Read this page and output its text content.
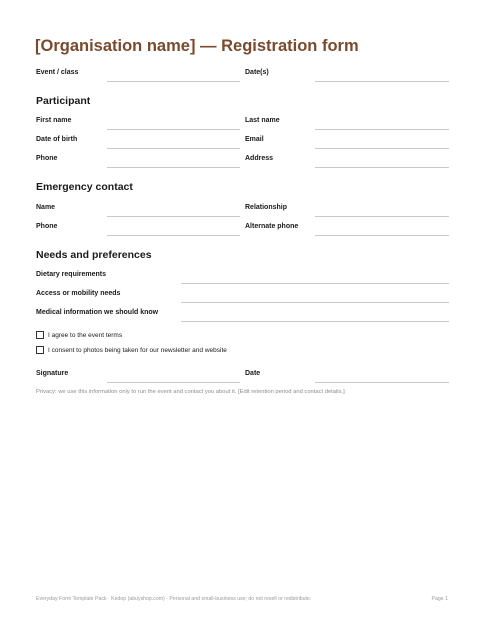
[Organisation name] — Registration form
Event / class	Date(s)
Participant
First name	Last name
Date of birth	Email
Phone	Address
Emergency contact
Name	Relationship
Phone	Alternate phone
Needs and preferences
Dietary requirements
Access or mobility needs
Medical information we should know
I agree to the event terms
I consent to photos being taken for our newsletter and website
Signature	Date
Privacy: we use this information only to run the event and contact you about it. [Edit retention period and contact details.]
Everyday Form Template Pack · Kedop (abuyshop.com) · Personal and small-business use; do not resell or redistribute.	Page 1
